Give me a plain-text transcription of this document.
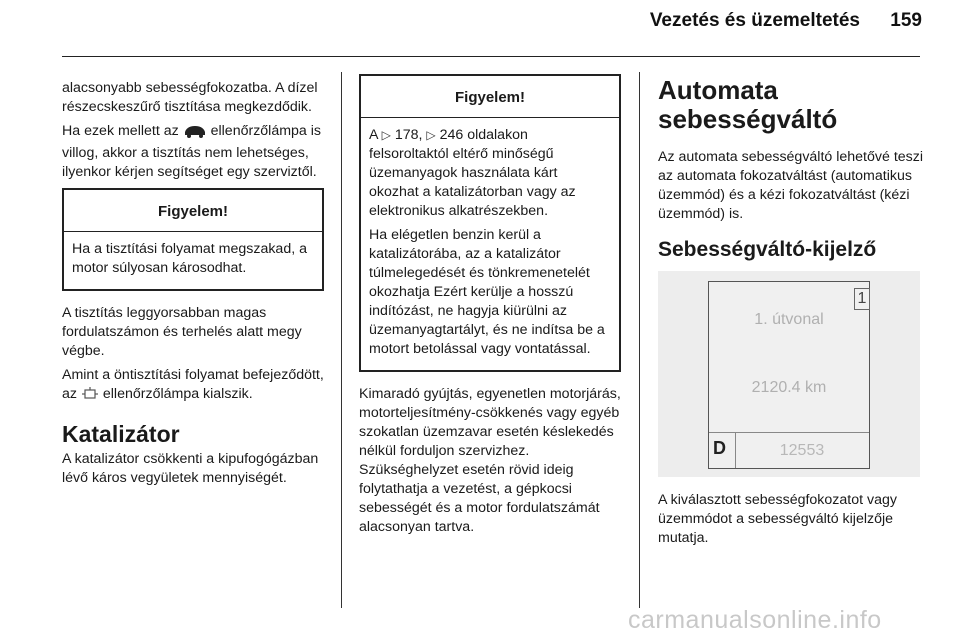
Vezetés és üzemeltetés	159

alacsonyabb sebességfokozatba. A dízel részecskeszűrő tisztítása megkezdődik.

Ha ezek mellett az ellenőrzőlámpa is villog, akkor a tisztítás nem lehetséges, ilyenkor kérjen segítséget egy szerviztől.

Figyelem!

Ha a tisztítási folyamat megszakad, a motor súlyosan károsodhat.

A tisztítás leggyorsabban magas fordulatszámon és terhelés alatt megy végbe.

Amint a öntisztítási folyamat befejeződött, az ellenőrzőlámpa kialszik.

Katalizátor

A katalizátor csökkenti a kipufogógázban lévő káros vegyületek mennyiségét.

Figyelem!

A ▷ 178, ▷ 246 oldalakon felsoroltaktól eltérő minőségű üzemanyagok használata kárt okozhat a katalizátorban vagy az elektronikus alkatrészekben.

Ha elégetlen benzin kerül a katalizátorába, az a katalizátor túlmelegedését és tönkremenetelét okozhatja Ezért kerülje a hosszú indítózást, ne hagyja kiürülni az üzemanyagtartályt, és ne indítsa be a motort betolással vagy vontatással.

Kimaradó gyújtás, egyenetlen motorjárás, motorteljesítmény-csökkenés vagy egyéb szokatlan üzemzavar esetén késlekedés nélkül forduljon szervizhez. Szükséghelyzet esetén rövid ideig folytathatja a vezetést, a gépkocsi sebességét és a motor fordulatszámát alacsonyan tartva.

Automata sebességváltó

Az automata sebességváltó lehetővé teszi az automata fokozatváltást (automatikus üzemmód) és a kézi fokozatváltást (kézi üzemmód) is.

Sebességváltó-kijelző
1
1. útvonal
2120.4 km
D	12553

A kiválasztott sebességfokozatot vagy üzemmódot a sebességváltó kijelzője mutatja.

carmanualsonline.info
